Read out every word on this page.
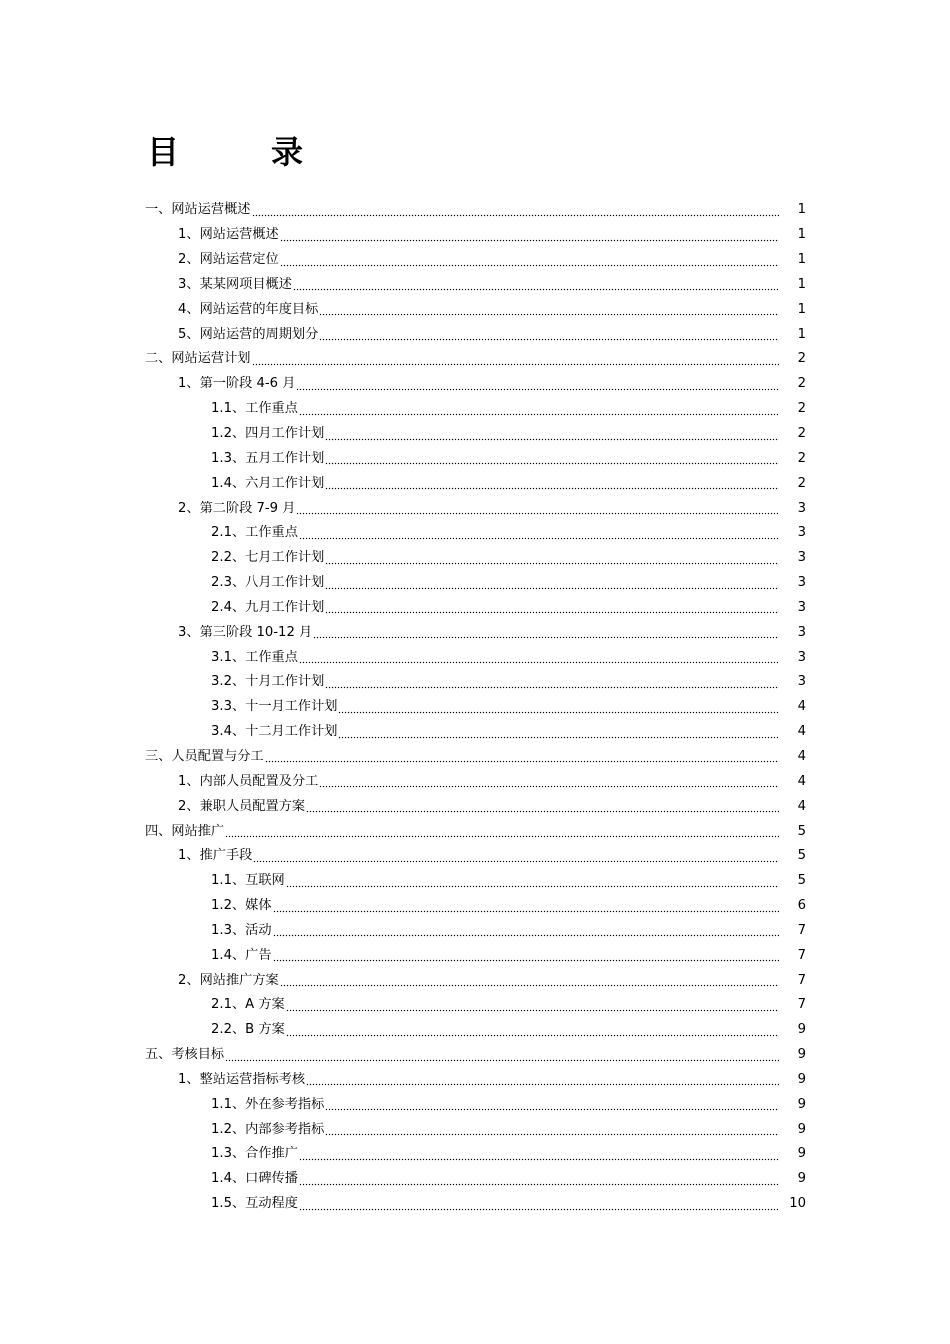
目　录
一、网站运营概述	1
1、网站运营概述	1
2、网站运营定位	1
3、某某网项目概述	1
4、网站运营的年度目标	1
5、网站运营的周期划分	1
二、网站运营计划	2
1、第一阶段 4-6 月	2
1.1、工作重点	2
1.2、四月工作计划	2
1.3、五月工作计划	2
1.4、六月工作计划	2
2、第二阶段 7-9 月	3
2.1、工作重点	3
2.2、七月工作计划	3
2.3、八月工作计划	3
2.4、九月工作计划	3
3、第三阶段 10-12 月	3
3.1、工作重点	3
3.2、十月工作计划	3
3.3、十一月工作计划	4
3.4、十二月工作计划	4
三、人员配置与分工	4
1、内部人员配置及分工	4
2、兼职人员配置方案	4
四、网站推广	5
1、推广手段	5
1.1、互联网	5
1.2、媒体	6
1.3、活动	7
1.4、广告	7
2、网站推广方案	7
2.1、A 方案	7
2.2、B 方案	9
五、考核目标	9
1、整站运营指标考核	9
1.1、外在参考指标	9
1.2、内部参考指标	9
1.3、合作推广	9
1.4、口碑传播	9
1.5、互动程度	10
